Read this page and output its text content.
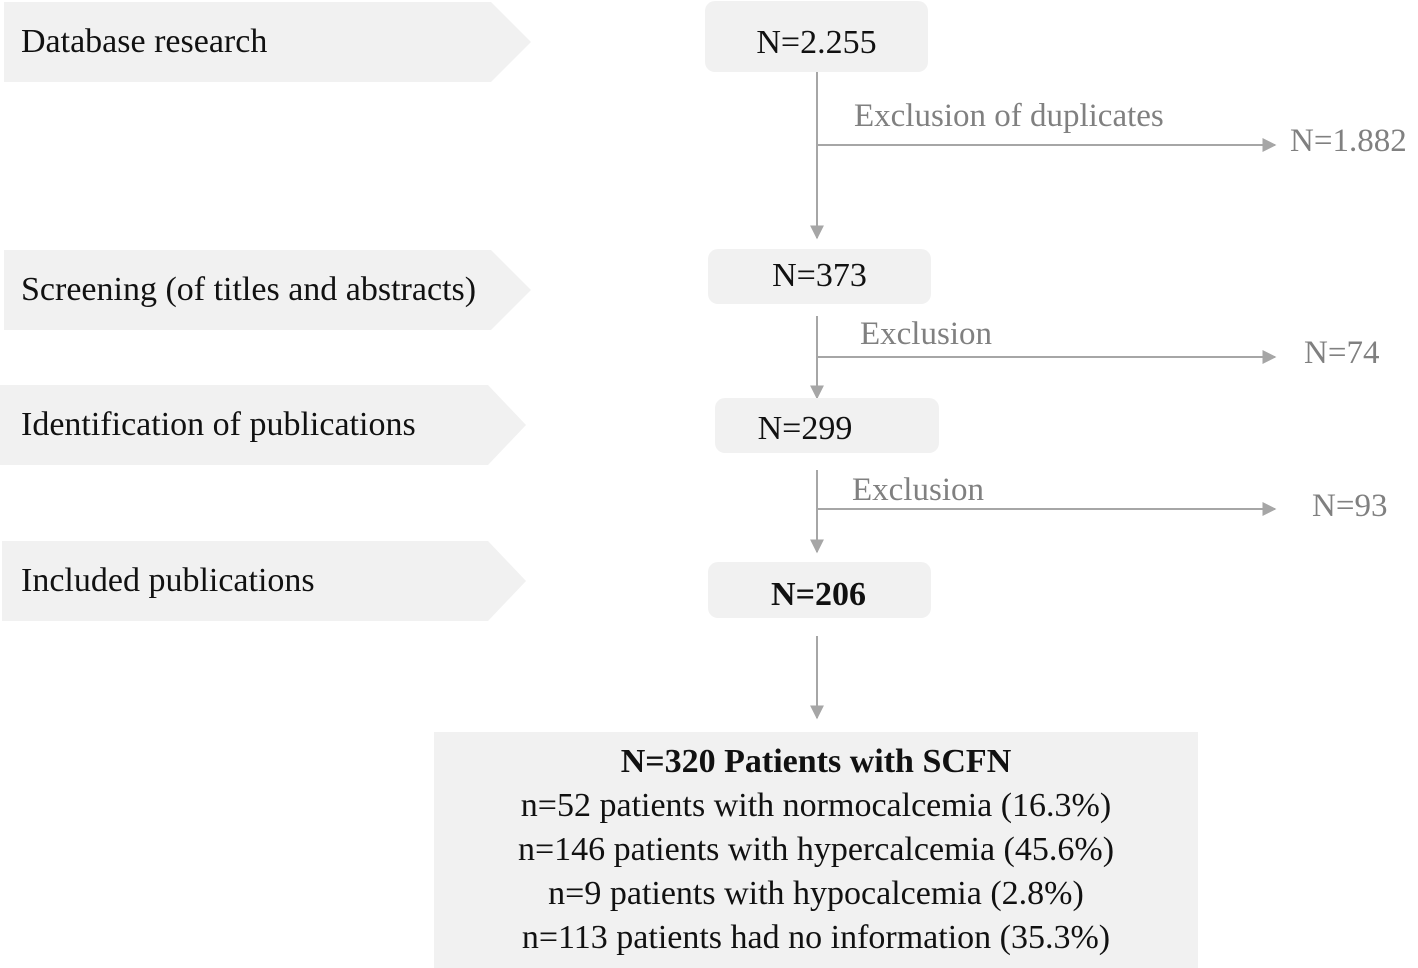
Database research
Screening (of titles and abstracts)
Identification of publications
Included publications
N=2.255
N=373
N=299
N=206
Exclusion of duplicates
N=1.882
Exclusion
N=74
Exclusion	N=93
N=320 Patients with SCFN
n=52 patients with normocalcemia (16.3%)
n=146 patients with hypercalcemia (45.6%)
n=9 patients with hypocalcemia (2.8%)
n=113 patients had no information (35.3%)
